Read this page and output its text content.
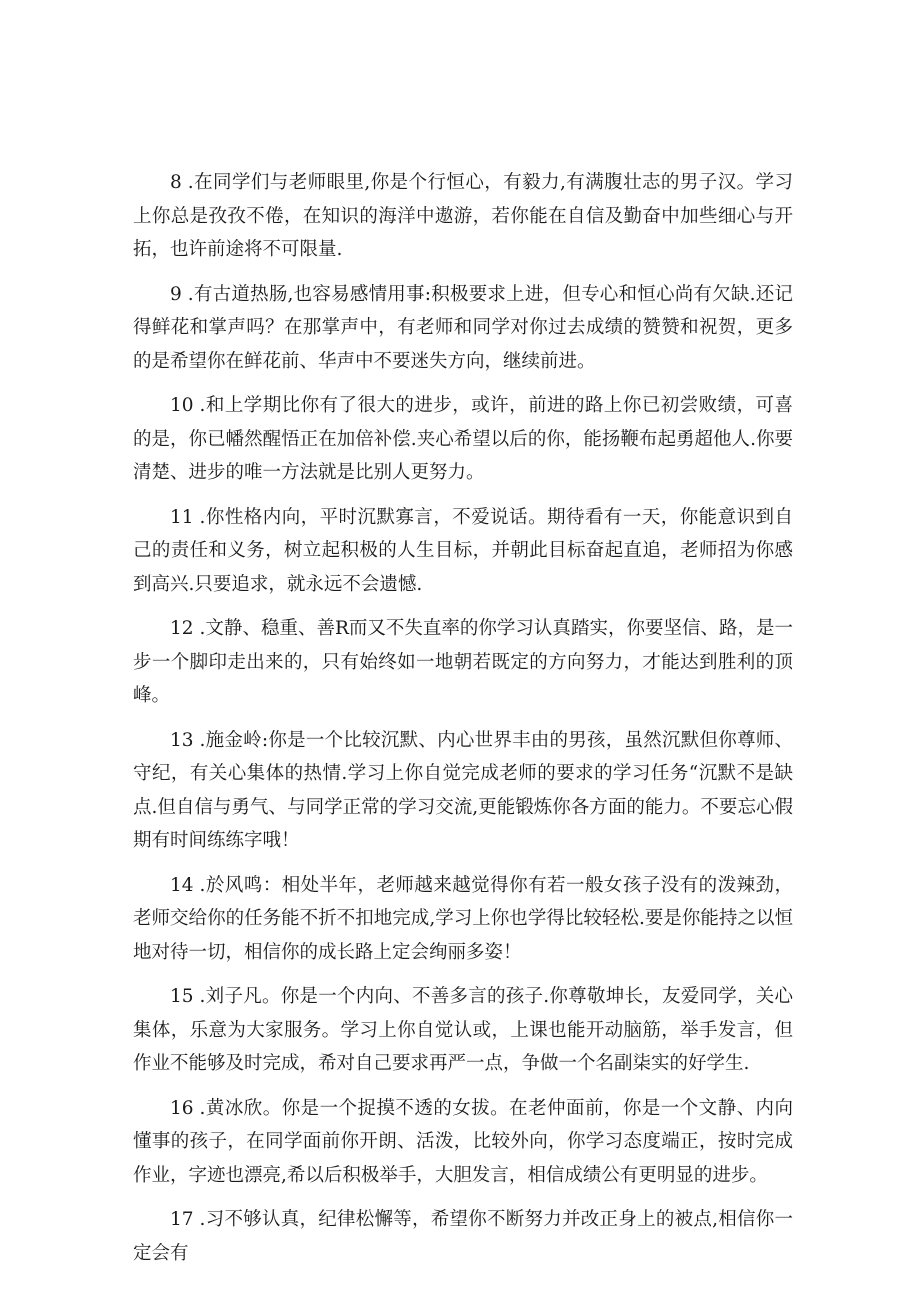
8 .在同学们与老师眼里,你是个行恒心，有毅力,有满腹壮志的男子汉。学习上你总是孜孜不倦，在知识的海洋中遨游，若你能在自信及勤奋中加些细心与开拓，也许前途将不可限量.

9 .有古道热肠,也容易感情用事:积极要求上进，但专心和恒心尚有欠缺.还记得鲜花和掌声吗？在那掌声中，有老师和同学对你过去成绩的赞赞和祝贺，更多的是希望你在鲜花前、华声中不要迷失方向，继续前进。

10 .和上学期比你有了很大的进步，或许，前进的路上你已初尝败绩，可喜的是，你已幡然醒悟正在加倍补偿.夹心希望以后的你，能扬鞭布起勇超他人.你要清楚、进步的唯一方法就是比别人更努力。

11 .你性格内向，平时沉默寡言，不爱说话。期待看有一天，你能意识到自己的责任和义务，树立起积极的人生目标，并朝此目标奋起直追，老师招为你感到高兴.只要追求，就永远不会遗憾.

12 .文静、稳重、善R而又不失直率的你学习认真踏实，你要坚信、路，是一步一个脚印走出来的，只有始终如一地朝若既定的方向努力，才能达到胜利的顶峰。

13 .施金岭:你是一个比较沉默、内心世界丰由的男孩，虽然沉默但你尊师、守纪，有关心集体的热情.学习上你自觉完成老师的要求的学习任务“沉默不是缺点.但自信与勇气、与同学正常的学习交流,更能锻炼你各方面的能力。不要忘心假期有时间练练字哦！

14 .於风鸣：相处半年，老师越来越觉得你有若一般女孩子没有的泼辣劲，老师交给你的任务能不折不扣地完成,学习上你也学得比较轻松.要是你能持之以恒地对待一切，相信你的成长路上定会绚丽多姿！

15 .刘子凡。你是一个内向、不善多言的孩子.你尊敬坤长，友爱同学，关心集体，乐意为大家服务。学习上你自觉认或，上课也能开动脑筋，举手发言，但作业不能够及时完成，希对自己要求再严一点，争做一个名副柒实的好学生.

16 .黄冰欣。你是一个捉摸不透的女拔。在老仲面前，你是一个文静、内向懂事的孩子，在同学面前你开朗、活泼，比较外向，你学习态度端正，按时完成作业，字迹也漂亮,希以后积极举手，大胆发言，相信成绩公有更明显的进步。

17 .习不够认真，纪律松懈等，希望你不断努力并改正身上的被点,相信你一定会有
